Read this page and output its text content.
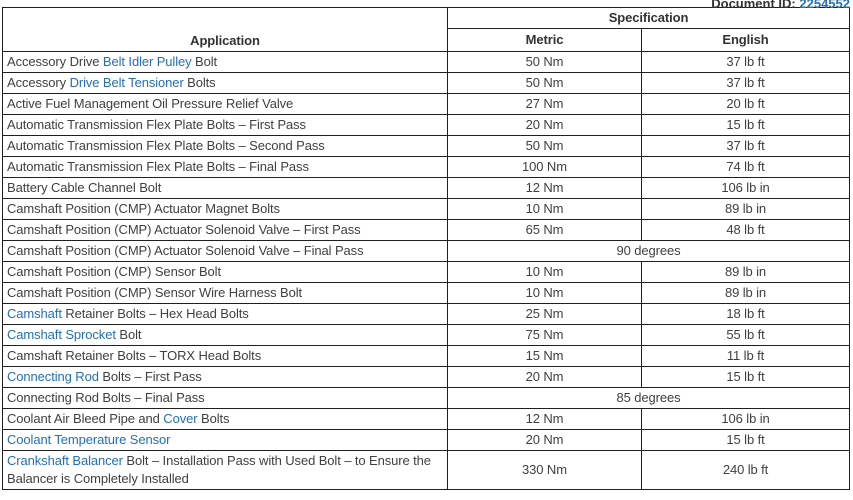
Document ID: 2254552
Application	Specification	
	Metric	English
Accessory Drive Belt Idler Pulley Bolt	50 Nm	37 lb ft
Accessory Drive Belt Tensioner Bolts	50 Nm	37 lb ft
Active Fuel Management Oil Pressure Relief Valve	27 Nm	20 lb ft
Automatic Transmission Flex Plate Bolts – First Pass	20 Nm	15 lb ft
Automatic Transmission Flex Plate Bolts – Second Pass	50 Nm	37 lb ft
Automatic Transmission Flex Plate Bolts – Final Pass	100 Nm	74 lb ft
Battery Cable Channel Bolt	12 Nm	106 lb in
Camshaft Position (CMP) Actuator Magnet Bolts	10 Nm	89 lb in
Camshaft Position (CMP) Actuator Solenoid Valve – First Pass	65 Nm	48 lb ft
Camshaft Position (CMP) Actuator Solenoid Valve – Final Pass	90 degrees	
Camshaft Position (CMP) Sensor Bolt	10 Nm	89 lb in
Camshaft Position (CMP) Sensor Wire Harness Bolt	10 Nm	89 lb in
Camshaft Retainer Bolts – Hex Head Bolts	25 Nm	18 lb ft
Camshaft Sprocket Bolt	75 Nm	55 lb ft
Camshaft Retainer Bolts – TORX Head Bolts	15 Nm	11 lb ft
Connecting Rod Bolts – First Pass	20 Nm	15 lb ft
Connecting Rod Bolts – Final Pass	85 degrees	
Coolant Air Bleed Pipe and Cover Bolts	12 Nm	106 lb in
Coolant Temperature Sensor	20 Nm	15 lb ft
Crankshaft Balancer Bolt – Installation Pass with Used Bolt – to Ensure the Balancer is Completely Installed	330 Nm	240 lb ft
